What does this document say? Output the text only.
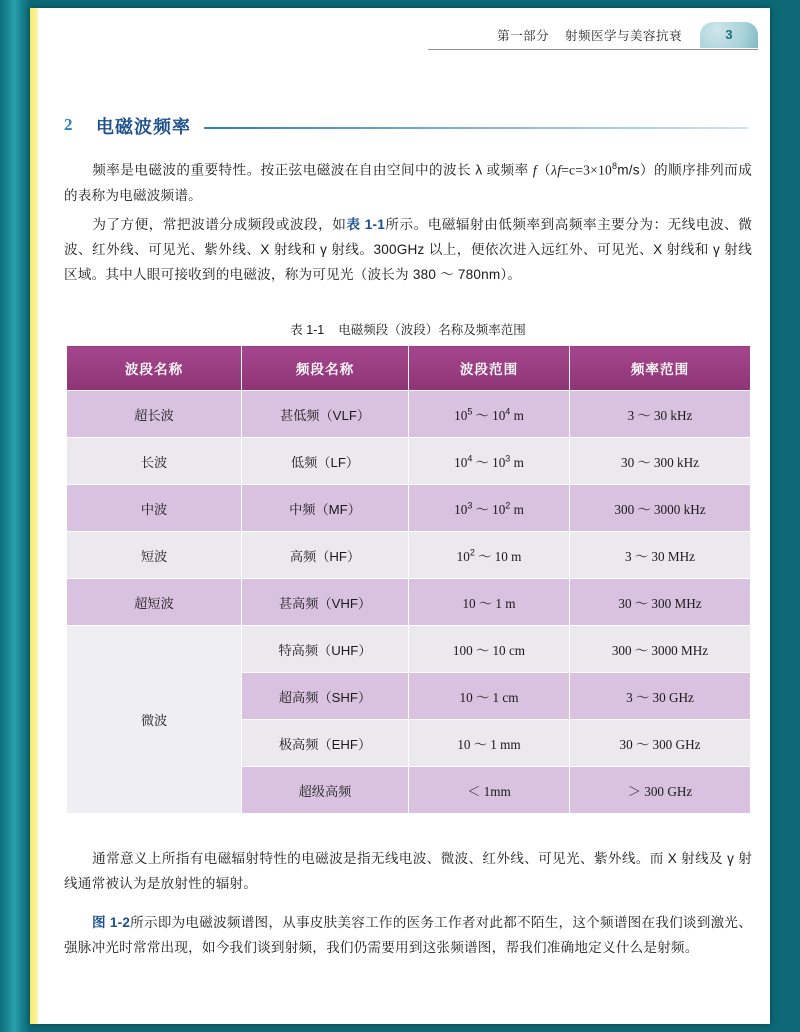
第一部分 射频医学与美容抗衰	3
2 电磁波频率
频率是电磁波的重要特性。按正弦电磁波在自由空间中的波长 λ 或频率 $f(\lambda f=c=3\times 10^8m/s)$的顺序排列而成的表称为电磁波频谱。
为了方便，常把波谱分成频段或波段，如表 1-1所示。电磁辐射由低频率到高频率主要分为：无线电波、微波、红外线、可见光、紫外线、X 射线和 γ 射线。300GHz 以上，便依次进入远红外、可见光、X 射线和 γ 射线区域。其中人眼可接收到的电磁波，称为可见光（波长为 380 ～ 780nm）。
表 1-1 电磁频段（波段）名称及频率范围
波段名称	频段名称	波段范围	频率范围
超长波	甚低频（VLF）	$10^5$ ～ $10^4$ m	3 ～ 30 kHz
长波	低频（LF）	$10^4$ ～ $10^3$ m	30 ～ 300 kHz
中波	中频（MF）	$10^3$ ～ $10^2$ m	300 ～ 3000 kHz
短波	高频（HF）	$10^2$ ～ 10 m	3 ～ 30 MHz
超短波	甚高频（VHF）	10 ～ 1 m	30 ～ 300 MHz
微波	特高频（UHF）	100 ～ 10 cm	300 ～ 3000 MHz
	超高频（SHF）	10 ～ 1 cm	3 ～ 30 GHz
	极高频（EHF）	10 ～ 1 mm	30 ～ 300 GHz
	超级高频	＜ 1mm	＞ 300 GHz
通常意义上所指有电磁辐射特性的电磁波是指无线电波、微波、红外线、可见光、紫外线。而 X 射线及 γ 射线通常被认为是放射性的辐射。
图 1-2所示即为电磁波频谱图，从事皮肤美容工作的医务工作者对此都不陌生，这个频谱图在我们谈到激光、强脉冲光时常常出现，如今我们谈到射频，我们仍需要用到这张频谱图，帮我们准确地定义什么是射频。
